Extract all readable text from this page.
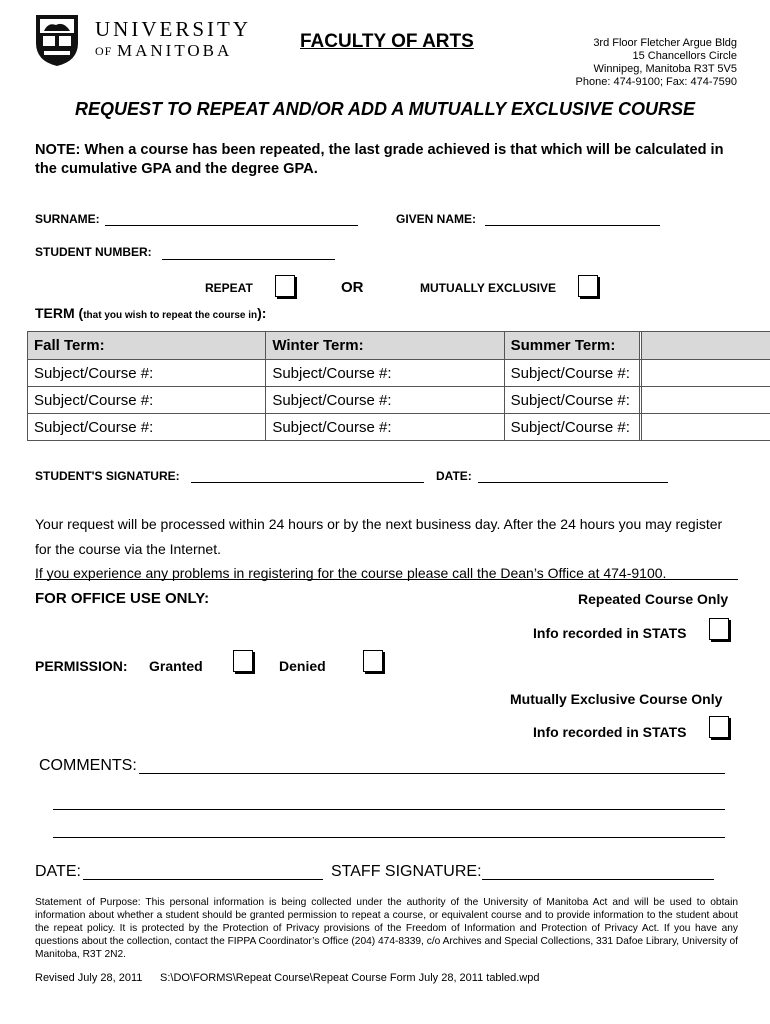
UNIVERSITY
OF MANITOBA	FACULTY OF ARTS	3rd Floor Fletcher Argue Bldg
15 Chancellors Circle
Winnipeg, Manitoba R3T 5V5
Phone: 474-9100; Fax: 474-7590
REQUEST TO REPEAT AND/OR ADD A MUTUALLY EXCLUSIVE COURSE
NOTE: When a course has been repeated, the last grade achieved is that which will be calculated in the cumulative GPA and the degree GPA.
SURNAME:	GIVEN NAME:
STUDENT NUMBER:
REPEAT	OR	MUTUALLY EXCLUSIVE
TERM (that you wish to repeat the course in):
Fall Term:	Winter Term:	Summer Term:		
Subject/Course #:	Subject/Course #:	Subject/Course #:		
Subject/Course #:	Subject/Course #:	Subject/Course #:		
Subject/Course #:	Subject/Course #:	Subject/Course #:		
STUDENT'S SIGNATURE:	DATE:
Your request will be processed within 24 hours or by the next business day. After the 24 hours you may register
for the course via the Internet.
If you experience any problems in registering for the course please call the Dean’s Office at 474-9100.
FOR OFFICE USE ONLY:	Repeated Course Only
Info recorded in STATS
PERMISSION: Granted	Denied
Mutually Exclusive Course Only
Info recorded in STATS
COMMENTS:
DATE:	STAFF SIGNATURE:
Statement of Purpose: This personal information is being collected under the authority of the University of Manitoba Act and will be used to obtain information about whether a student should be granted permission to repeat a course, or equivalent course and to provide information to the student about the repeat policy. It is protected by the Protection of Privacy provisions of the Freedom of Information and Protection of Privacy Act. If you have any questions about the collection, contact the FIPPA Coordinator’s Office (204) 474-8339, c/o Archives and Special Collections, 331 Dafoe Library, University of Manitoba, R3T 2N2.
Revised July 28, 2011 S:\DO\FORMS\Repeat Course\Repeat Course Form July 28, 2011 tabled.wpd
